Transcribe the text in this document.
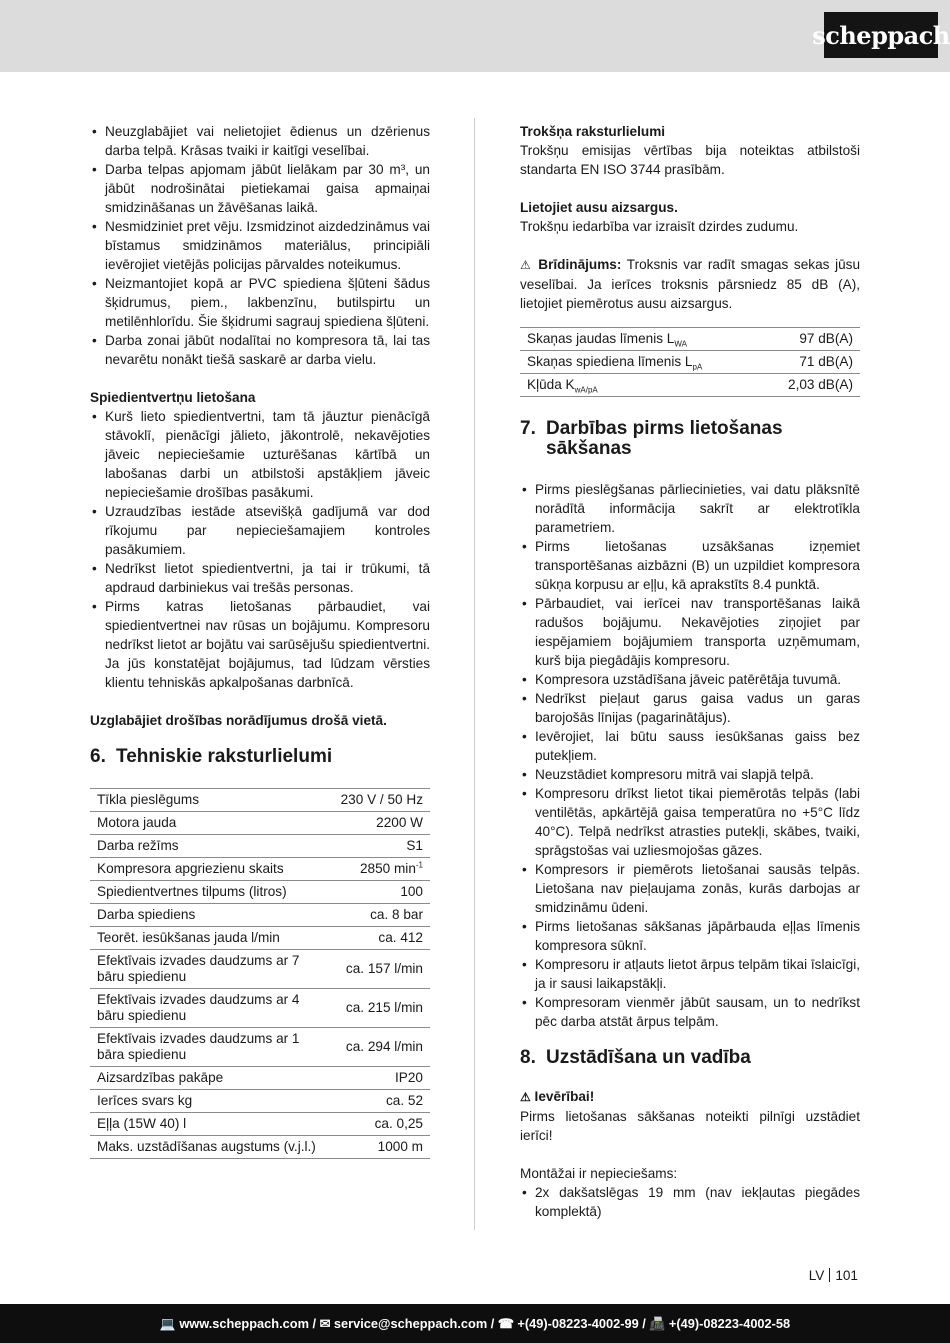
scheppach
• Neuzglabājiet vai nelietojiet ēdienus un dzērienus darba telpā. Krāsas tvaiki ir kaitīgi veselībai.
• Darba telpas apjomam jābūt lielākam par 30 m³, un jābūt nodrošinātai pietiekamai gaisa apmaiņai smidzināšanas un žāvēšanas laikā.
• Nesmidziniet pret vēju. Izsmidzinot aizdedzināmus vai bīstamus smidzināmos materiālus, principiāli ievērojiet vietējās policijas pārvaldes noteikumus.
• Neizmantojiet kopā ar PVC spiediena šļūteni šādus šķidrumus, piem., lakbenzīnu, butilspirtu un metilēnhlorīdu. Šie šķidrumi sagrauj spiediena šļūteni.
• Darba zonai jābūt nodalītai no kompresora tā, lai tas nevarētu nonākt tiešā saskarē ar darba vielu.

Spiedientvertņu lietošana

• Kurš lieto spiedientvertni, tam tā jāuztur pienācīgā stāvoklī, pienācīgi jālieto, jākontrolē, nekavējoties jāveic nepieciešamie uzturēšanas kārtībā un labošanas darbi un atbilstoši apstākļiem jāveic nepieciešamie drošības pasākumi.
• Uzraudzības iestāde atsevišķā gadījumā var dod rīkojumu par nepieciešamajiem kontroles pasākumiem.
• Nedrīkst lietot spiedientvertni, ja tai ir trūkumi, tā apdraud darbiniekus vai trešās personas.
• Pirms katras lietošanas pārbaudiet, vai spiedientvertnei nav rūsas un bojājumu. Kompresoru nedrīkst lietot ar bojātu vai sarūsējušu spiedientvertni. Ja jūs konstatējat bojājumus, tad lūdzam vērsties klientu tehniskās apkalpošanas darbnīcā.

Uzglabājiet drošības norādījumus drošā vietā.

6. Tehniskie raksturlielumi
Tīkla pieslēgums	230 V / 50 Hz
Motora jauda	2200 W
Darba režīms	S1
Kompresora apgriezienu skaits	2850 $\min^{-1}$
Spiedientvertnes tilpums (litros)	100
Darba spiediens	ca. 8 bar
Teorēt. iesūkšanas jauda l/min	ca. 412
Efektīvais izvades daudzums ar 7 bāru spiedienu	ca. 157 l/min
Efektīvais izvades daudzums ar 4 bāru spiedienu	ca. 215 l/min
Efektīvais izvades daudzums ar 1 bāra spiedienu	ca. 294 l/min
Aizsardzības pakāpe	IP20
Ierīces svars kg	ca. 52
Eļļa (15W 40) l	ca. 0,25
Maks. uzstādīšanas augstums (v.j.l.)	1000 m

Trokšņa raksturlielumi

Trokšņu emisijas vērtības bija noteiktas atbilstoši standarta EN ISO 3744 prasībām.

Lietojiet ausu aizsargus.

Trokšņu iedarbība var izraisīt dzirdes zudumu.

⚠ Brīdinājums: Troksnis var radīt smagas sekas jūsu veselībai. Ja ierīces troksnis pārsniedz 85 dB (A), lietojiet piemērotus ausu aizsargus.

Skaņas jaudas līmenis $L_{WA}$	97 dB(A)
Skaņas spiediena līmenis $L_{pA}$	71 dB(A)
Kļūda $K_{wA/pA}$	2,03 dB(A)
7. Darbības pirms lietošanas sākšanas
• Pirms pieslēgšanas pārliecinieties, vai datu plāksnītē norādītā informācija sakrīt ar elektrotīkla parametriem.
• Pirms lietošanas uzsākšanas izņemiet transportēšanas aizbāzni (B) un uzpildiet kompresora sūkņa korpusu ar eļļu, kā aprakstīts 8.4 punktā.
• Pārbaudiet, vai ierīcei nav transportēšanas laikā radušos bojājumu. Nekavējoties ziņojiet par iespējamiem bojājumiem transporta uzņēmumam, kurš bija piegādājis kompresoru.
• Kompresora uzstādīšana jāveic patērētāja tuvumā.
• Nedrīkst pieļaut garus gaisa vadus un garas barojošās līnijas (pagarinātājus).
• Ievērojiet, lai būtu sauss iesūkšanas gaiss bez putekļiem.
• Neuzstādiet kompresoru mitrā vai slapjā telpā.
• Kompresoru drīkst lietot tikai piemērotās telpās (labi ventilētās, apkārtējā gaisa temperatūra no +5°C līdz 40°C). Telpā nedrīkst atrasties putekļi, skābes, tvaiki, sprāgstošas vai uzliesmojošas gāzes.
• Kompresors ir piemērots lietošanai sausās telpās. Lietošana nav pieļaujama zonās, kurās darbojas ar smidzināmu ūdeni.
• Pirms lietošanas sākšanas jāpārbauda eļļas līmenis kompresora sūknī.
• Kompresoru ir atļauts lietot ārpus telpām tikai īslaicīgi, ja ir sausi laikapstākļi.
• Kompresoram vienmēr jābūt sausam, un to nedrīkst pēc darba atstāt ārpus telpām.
8. Uzstādīšana un vadība

⚠ Ievērībai!

Pirms lietošanas sākšanas noteikti pilnīgi uzstādiet ierīci!

Montāžai ir nepieciešams:

• 2x dakšatslēgas 19 mm (nav iekļautas piegādes komplektā)
LV 101
💻 www.scheppach.com / ✉ service@scheppach.com / ☎ +(49)-08223-4002-99 / 📠 +(49)-08223-4002-58
